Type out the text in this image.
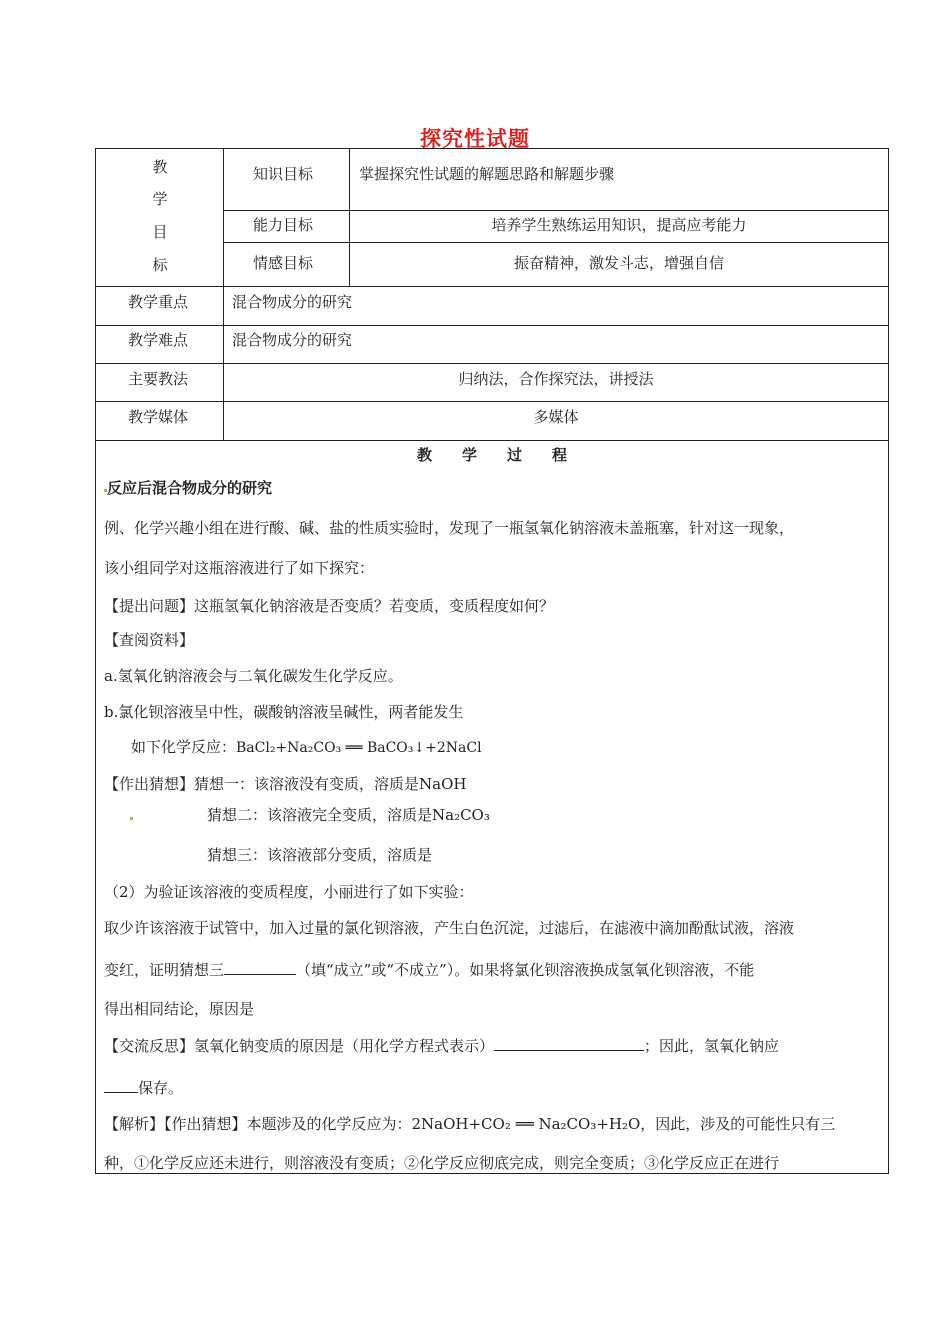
探究性试题
教
学
目
标
知识目标	掌握探究性试题的解题思路和解题步骤
能力目标	培养学生熟练运用知识，提高应考能力
情感目标	振奋精神，激发斗志，增强自信
教学重点	混合物成分的研究
教学难点	混合物成分的研究
主要教法	归纳法，合作探究法，讲授法
教学媒体	多媒体
教　　学　　过　　程
反应后混合物成分的研究
例、化学兴趣小组在进行酸、碱、盐的性质实验时，发现了一瓶氢氧化钠溶液未盖瓶塞，针对这一现象，
该小组同学对这瓶溶液进行了如下探究：
【提出问题】这瓶氢氧化钠溶液是否变质？若变质，变质程度如何？
【查阅资料】
a.氢氧化钠溶液会与二氧化碳发生化学反应。
b.氯化钡溶液呈中性，碳酸钠溶液呈碱性，两者能发生
如下化学反应：BaCl₂+Na₂CO₃ ══ BaCO₃↓+2NaCl
【作出猜想】猜想一：该溶液没有变质，溶质是NaOH
猜想二：该溶液完全变质，溶质是Na₂CO₃
猜想三：该溶液部分变质，溶质是
（2）为验证该溶液的变质程度，小丽进行了如下实验：
取少许该溶液于试管中，加入过量的氯化钡溶液，产生白色沉淀，过滤后，在滤液中滴加酚酞试液，溶液
变红，证明猜想三	（填“成立”或“不成立”）。如果将氯化钡溶液换成氢氧化钡溶液，不能
得出相同结论，原因是
【交流反思】氢氧化钠变质的原因是（用化学方程式表示）	；因此，氢氧化钠应
保存。
【解析】【作出猜想】本题涉及的化学反应为：2NaOH+CO₂ ══ Na₂CO₃+H₂O，因此，涉及的可能性只有三
种，①化学反应还未进行，则溶液没有变质；②化学反应彻底完成，则完全变质；③化学反应正在进行
